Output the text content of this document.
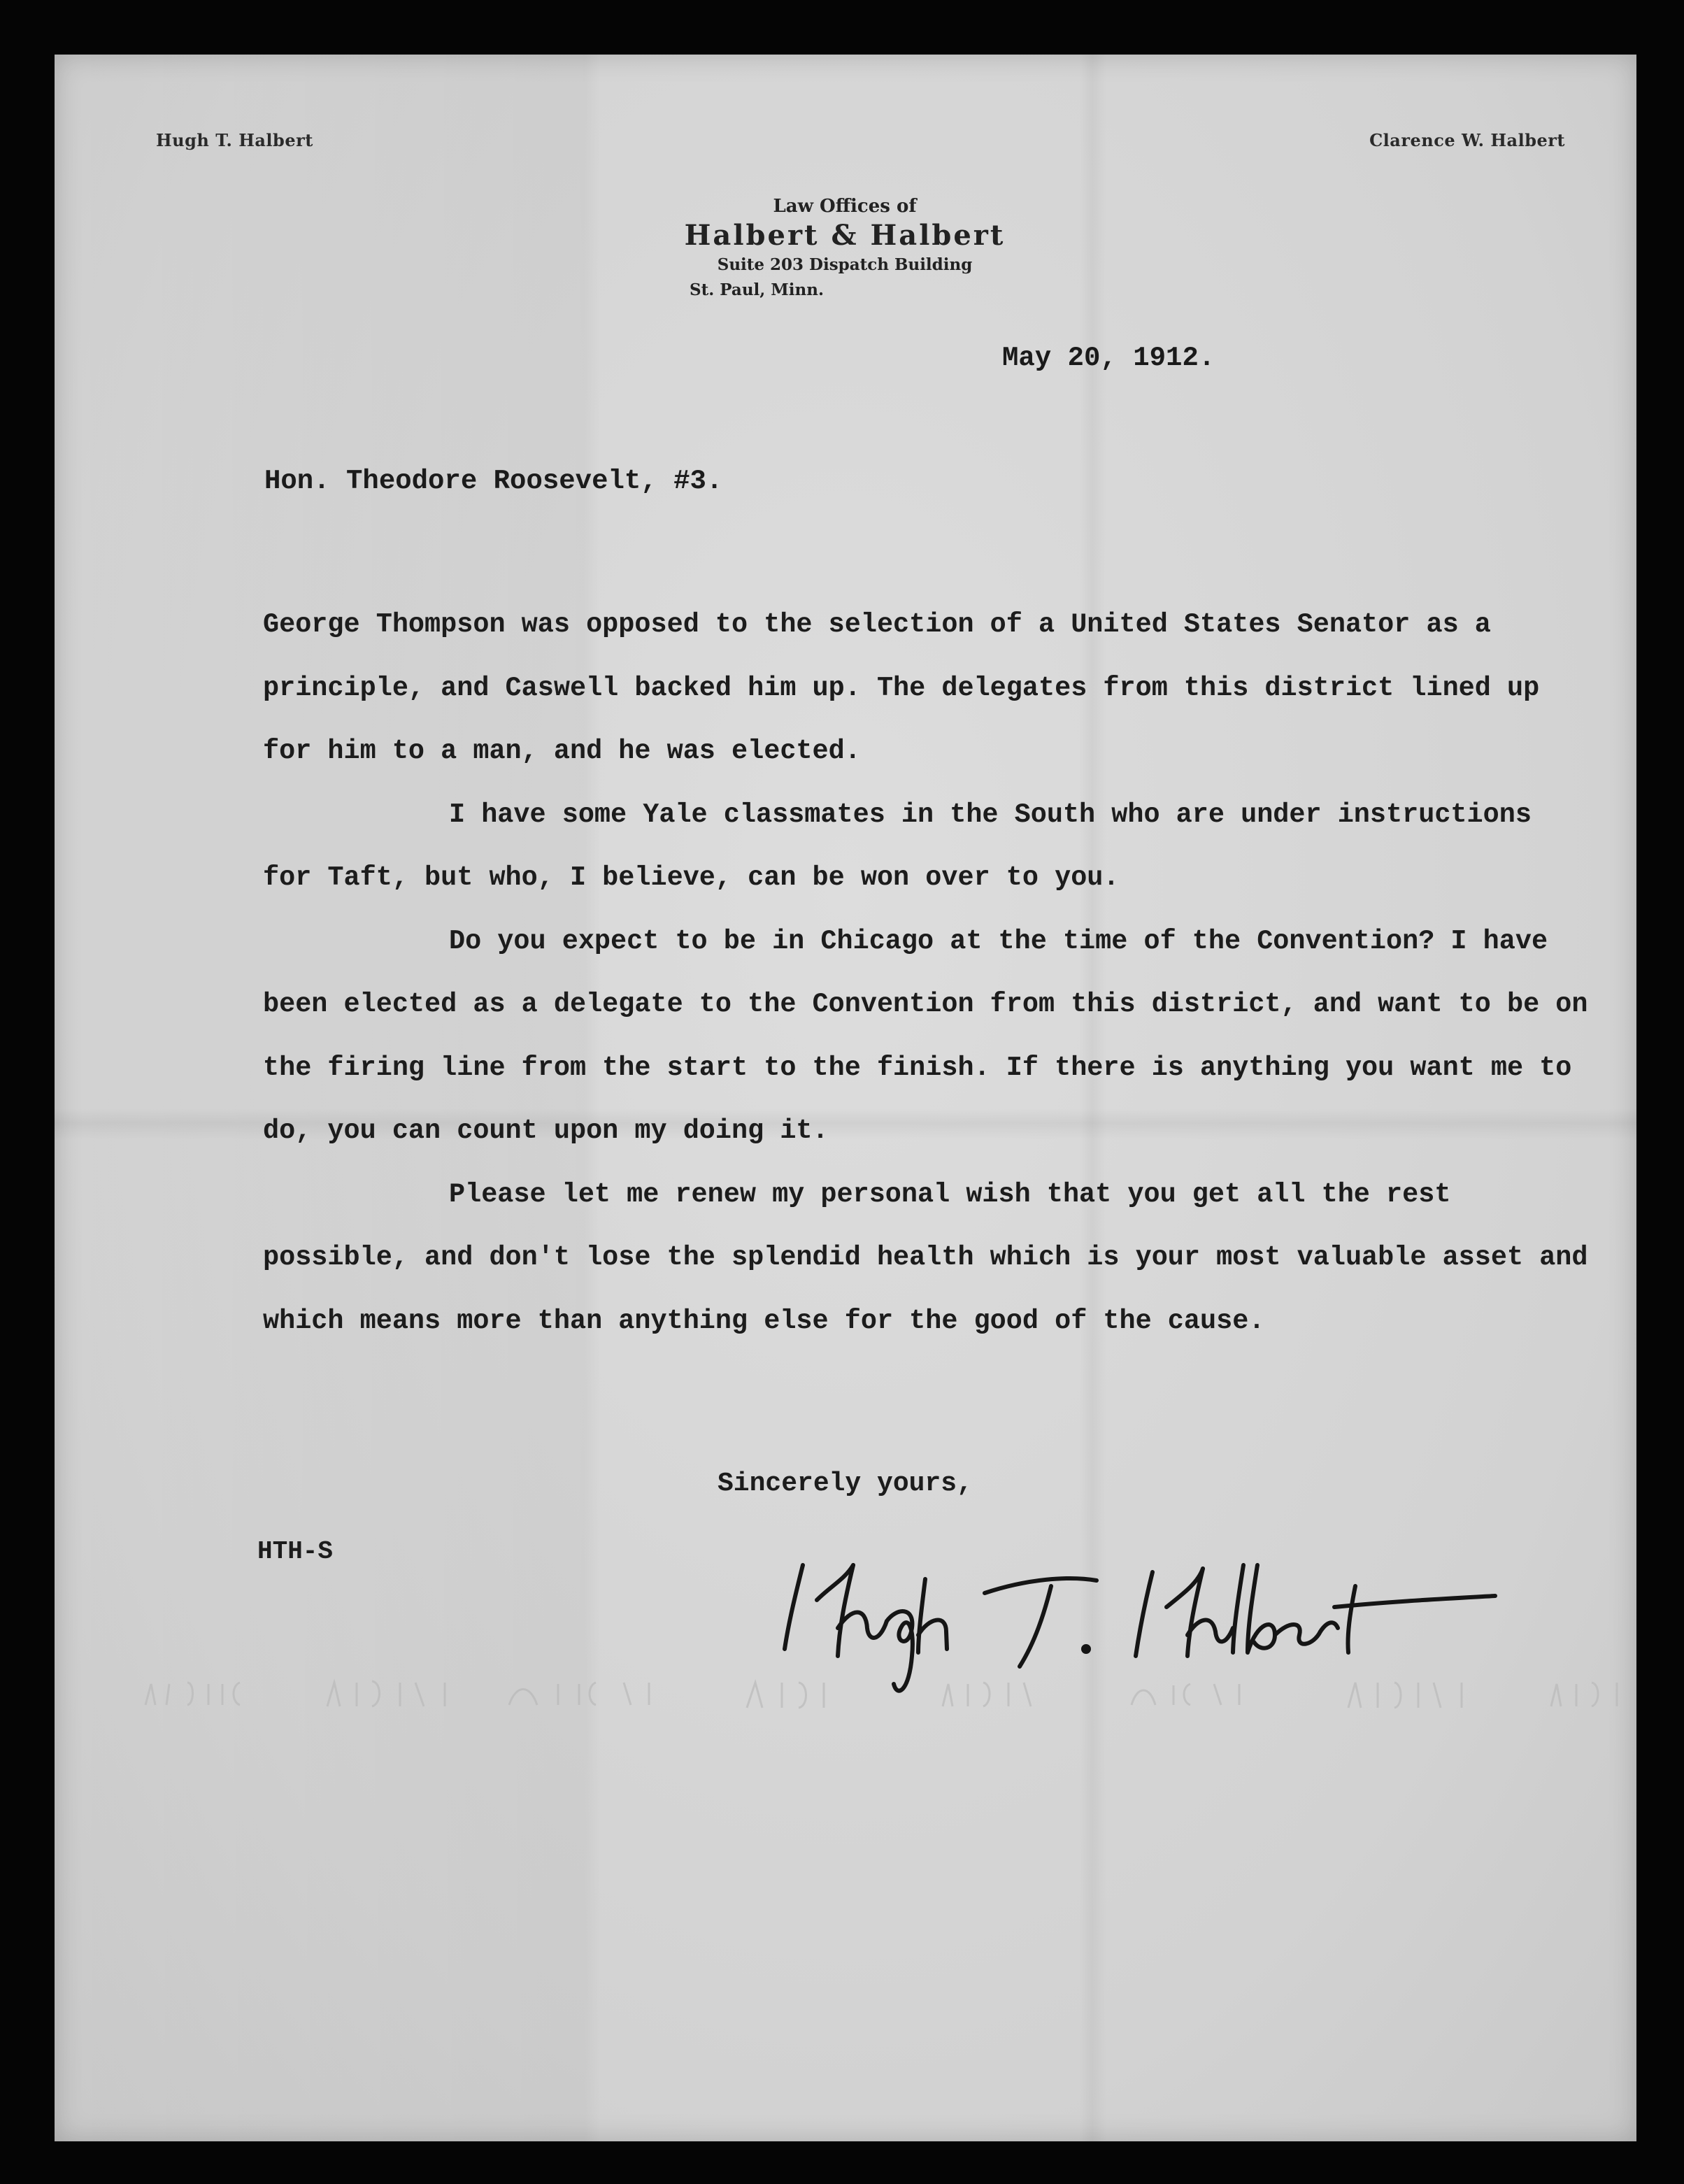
Hugh T. Halbert	Clarence W. Halbert
Law Offices of
Halbert & Halbert
Suite 203 Dispatch Building
St. Paul, Minn.
May 20, 1912.
Hon. Theodore Roosevelt, #3.

George Thompson was opposed to the selection of a United States Senator as a principle, and Caswell backed him up. The delegates from this district lined up for him to a man, and he was elected.

I have some Yale classmates in the South who are under instructions for Taft, but who, I believe, can be won over to you.

Do you expect to be in Chicago at the time of the Convention? I have been elected as a delegate to the Convention from this district, and want to be on the firing line from the start to the finish. If there is anything you want me to do, you can count upon my doing it.

Please let me renew my personal wish that you get all the rest possible, and don't lose the splendid health which is your most valuable asset and which means more than anything else for the good of the cause.

Sincerely yours,
HTH-S
